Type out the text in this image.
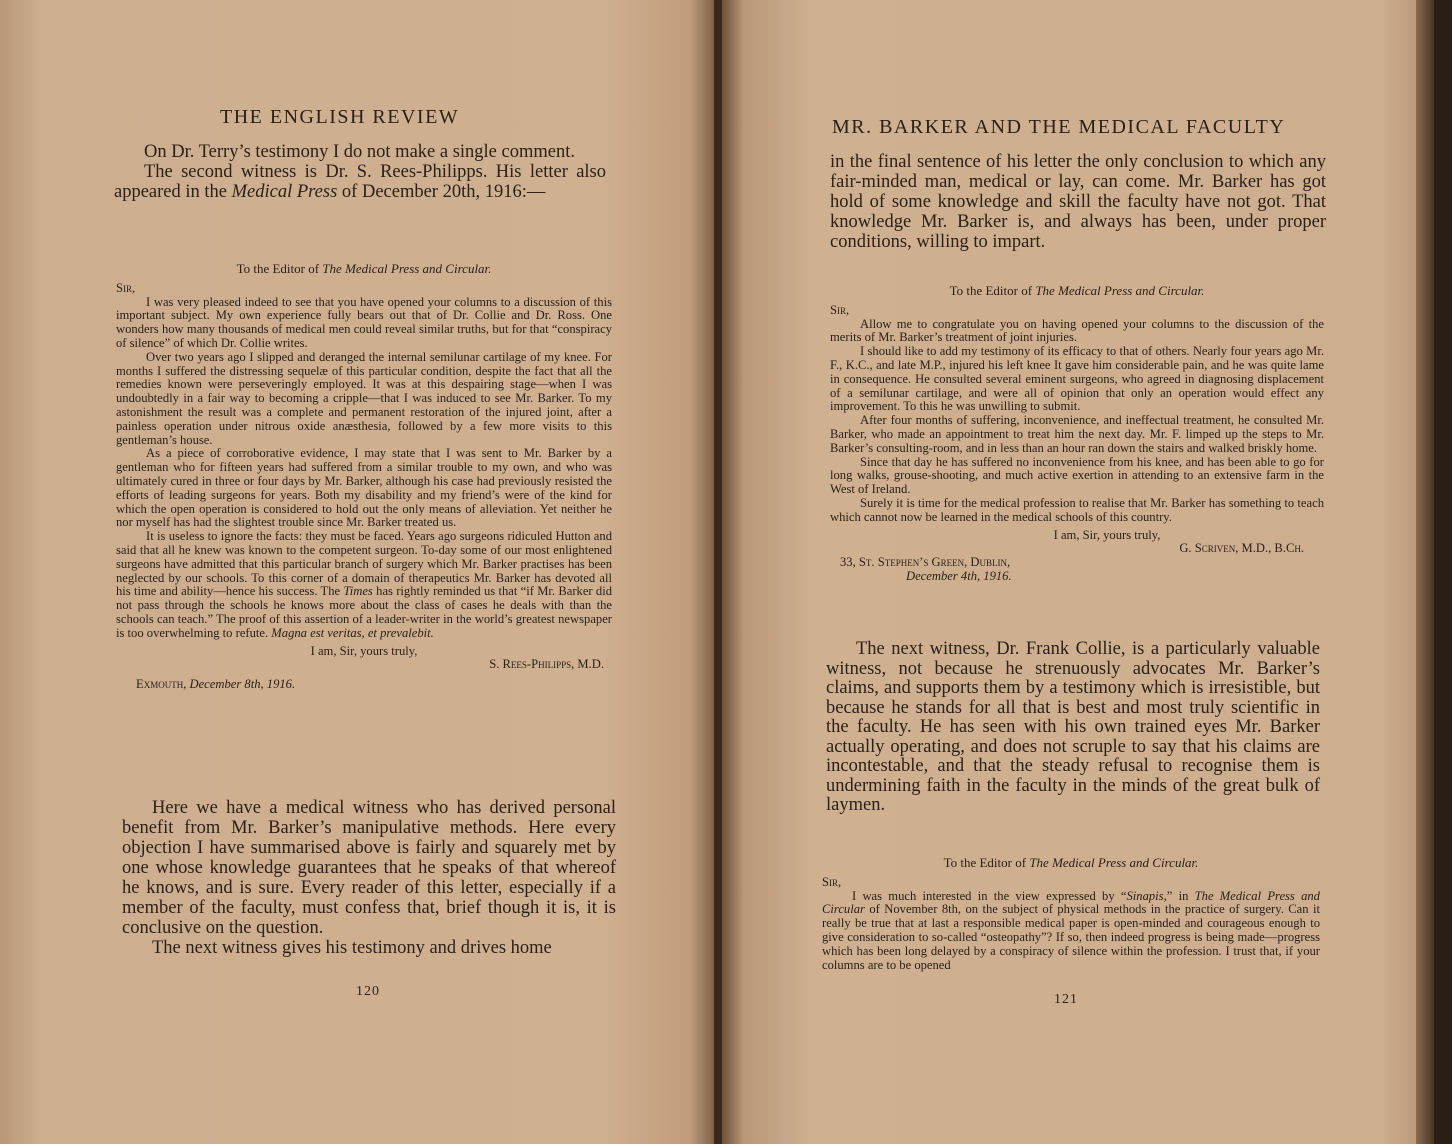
THE ENGLISH REVIEW

On Dr. Terry’s testimony I do not make a single comment.

The second witness is Dr. S. Rees-Philipps. His letter also appeared in the Medical Press of December 20th, 1916:—

To the Editor of The Medical Press and Circular.

Sir,

I was very pleased indeed to see that you have opened your columns to a discussion of this important subject. My own experience fully bears out that of Dr. Collie and Dr. Ross. One wonders how many thousands of medical men could reveal similar truths, but for that “conspiracy of silence” of which Dr. Collie writes.

Over two years ago I slipped and deranged the internal semilunar cartilage of my knee. For months I suffered the distressing sequelæ of this particular condition, despite the fact that all the remedies known were perseveringly employed. It was at this despairing stage—when I was undoubtedly in a fair way to becoming a cripple—that I was induced to see Mr. Barker. To my astonishment the result was a complete and permanent restoration of the injured joint, after a painless operation under nitrous oxide anæsthesia, followed by a few more visits to this gentleman’s house.

As a piece of corroborative evidence, I may state that I was sent to Mr. Barker by a gentleman who for fifteen years had suffered from a similar trouble to my own, and who was ultimately cured in three or four days by Mr. Barker, although his case had previously resisted the efforts of leading surgeons for years. Both my disability and my friend’s were of the kind for which the open operation is considered to hold out the only means of alleviation. Yet neither he nor myself has had the slightest trouble since Mr. Barker treated us.

It is useless to ignore the facts: they must be faced. Years ago surgeons ridiculed Hutton and said that all he knew was known to the competent surgeon. To-day some of our most enlightened surgeons have admitted that this particular branch of surgery which Mr. Barker practises has been neglected by our schools. To this corner of a domain of therapeutics Mr. Barker has devoted all his time and ability—hence his success. The Times has rightly reminded us that “if Mr. Barker did not pass through the schools he knows more about the class of cases he deals with than the schools can teach.” The proof of this assertion of a leader-writer in the world’s greatest newspaper is too overwhelming to refute. Magna est veritas, et prevalebit.

I am, Sir, yours truly,

S. Rees-Philipps, M.D.

Exmouth, December 8th, 1916.

Here we have a medical witness who has derived personal benefit from Mr. Barker’s manipulative methods. Here every objection I have summarised above is fairly and squarely met by one whose knowledge guarantees that he speaks of that whereof he knows, and is sure. Every reader of this letter, especially if a member of the faculty, must confess that, brief though it is, it is conclusive on the question.

The next witness gives his testimony and drives home

120
MR. BARKER AND THE MEDICAL FACULTY

in the final sentence of his letter the only conclusion to which any fair-minded man, medical or lay, can come. Mr. Barker has got hold of some knowledge and skill the faculty have not got. That knowledge Mr. Barker is, and always has been, under proper conditions, willing to impart.

To the Editor of The Medical Press and Circular.

Sir,

Allow me to congratulate you on having opened your columns to the discussion of the merits of Mr. Barker’s treatment of joint injuries.

I should like to add my testimony of its efficacy to that of others. Nearly four years ago Mr. F., K.C., and late M.P., injured his left knee It gave him considerable pain, and he was quite lame in consequence. He consulted several eminent surgeons, who agreed in diagnosing displacement of a semilunar cartilage, and were all of opinion that only an operation would effect any improvement. To this he was unwilling to submit.

After four months of suffering, inconvenience, and ineffectual treatment, he consulted Mr. Barker, who made an appointment to treat him the next day. Mr. F. limped up the steps to Mr. Barker’s consulting-room, and in less than an hour ran down the stairs and walked briskly home.

Since that day he has suffered no inconvenience from his knee, and has been able to go for long walks, grouse-shooting, and much active exertion in attending to an extensive farm in the West of Ireland.

Surely it is time for the medical profession to realise that Mr. Barker has something to teach which cannot now be learned in the medical schools of this country.

I am, Sir, yours truly,

G. Scriven, M.D., B.Ch.

33, St. Stephen’s Green, Dublin,

December 4th, 1916.

The next witness, Dr. Frank Collie, is a particularly valuable witness, not because he strenuously advocates Mr. Barker’s claims, and supports them by a testimony which is irresistible, but because he stands for all that is best and most truly scientific in the faculty. He has seen with his own trained eyes Mr. Barker actually operating, and does not scruple to say that his claims are incontestable, and that the steady refusal to recognise them is undermining faith in the faculty in the minds of the great bulk of laymen.

To the Editor of The Medical Press and Circular.

Sir,

I was much interested in the view expressed by “Sinapis,” in The Medical Press and Circular of November 8th, on the subject of physical methods in the practice of surgery. Can it really be true that at last a responsible medical paper is open-minded and courageous enough to give consideration to so-called “osteopathy”? If so, then indeed progress is being made—progress which has been long delayed by a conspiracy of silence within the profession. I trust that, if your columns are to be opened

121
